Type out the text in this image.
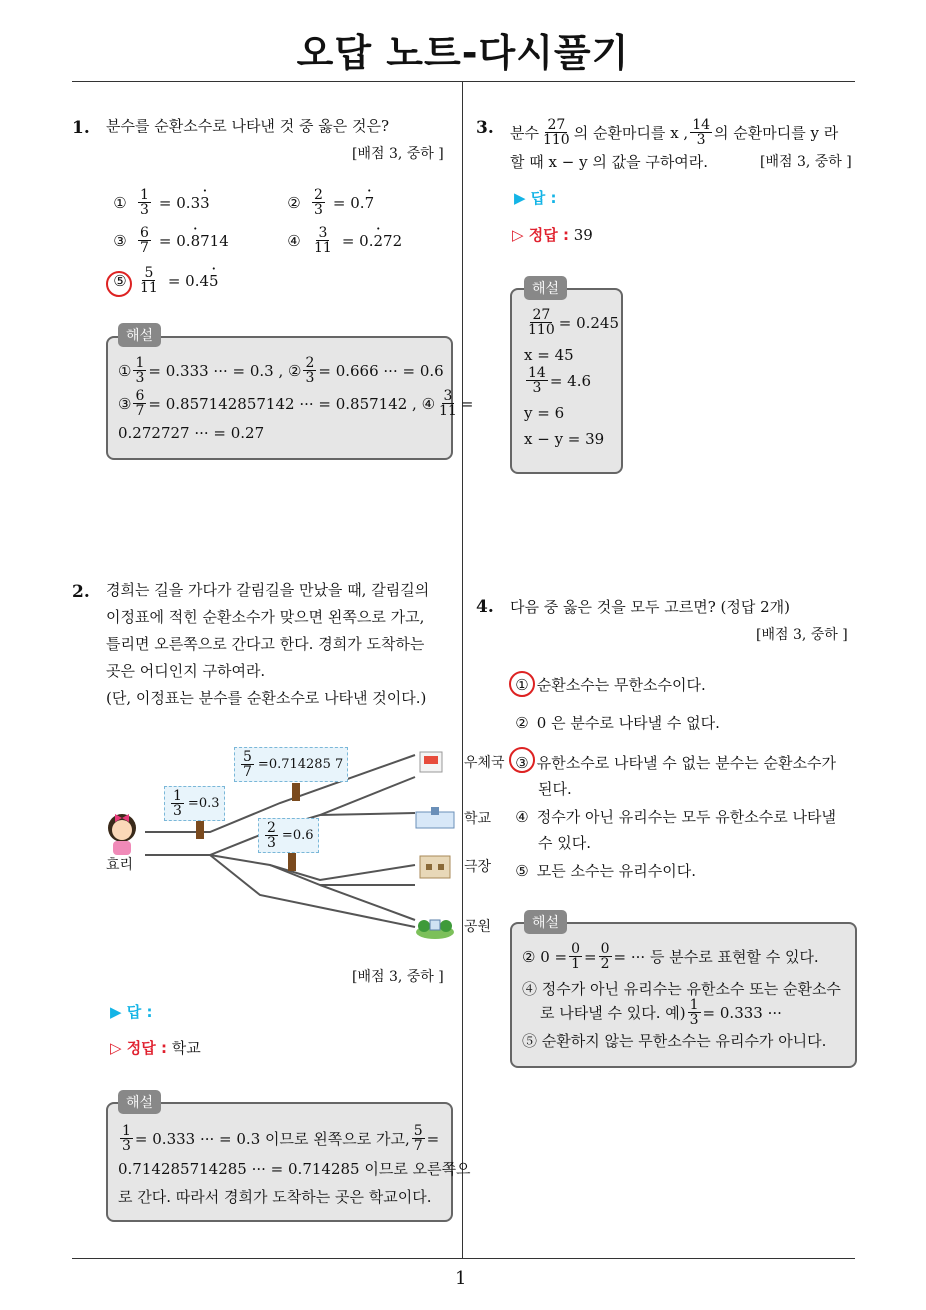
오답 노트-다시풀기
1
1. 분수를 순환소수로 나타낸 것 중 옳은 것은?
[배점 3, 중하 ]
① $\frac{1}{3} = 0.33$ ·	② $\frac{2}{3} = 0.7$ ·
③ $\frac{6}{7} = 0.8 \cdot 714$	④ $\frac{3}{11} = 0.2 \cdot 72$
⑤ $\frac{5}{11} = 0.45$ ·
해설
① $\frac{1}{3} = 0.333$ ··· = 0.3 , ② $\frac{2}{3} = 0.666$ ··· = 0.6
③ $\frac{6}{7} = 0.857142857142$ ··· = 0.857142 , ④ $\frac{3}{11}$ =
0.272727 ··· = 0.27
3. 분수 $\frac{27}{110}$ 의 순환마디를 x , $\frac{14}{3}$ 의 순환마디를 y 라
할 때 x − y 의 값을 구하여라.	[배점 3, 중하 ]
▶ 답 :
▷ 정답 : 39
해설
$\frac{27}{110} = 0.245$
x = 45
$\frac{14}{3} = 4.6$
y = 6
x − y = 39
2. 경희는 길을 가다가 갈림길을 만났을 때, 갈림길의
이정표에 적힌 순환소수가 맞으면 왼쪽으로 가고,
틀리면 오른쪽으로 간다고 한다. 경희가 도착하는
곳은 어디인지 구하여라.
(단, 이정표는 분수를 순환소수로 나타낸 것이다.)
$\frac{5}{7} =0.714285$ 7
$\frac{1}{3} =0.3$
$\frac{2}{3} =0.6$
효리
우체국
학교
극장
공원
[배점 3, 중하 ]
▶ 답 :
▷ 정답 : 학교
해설
$\frac{1}{3} = 0.333$ ··· = 0.3 이므로 왼쪽으로 가고, $\frac{5}{7}$ =
0.714285714285 ··· = 0.714285 이므로 오른쪽으
로 간다. 따라서 경희가 도착하는 곳은 학교이다.
4. 다음 중 옳은 것을 모두 고르면? (정답 2개)
[배점 3, 중하 ]
① 순환소수는 무한소수이다.
② 0 은 분수로 나타낼 수 없다.
③ 유한소수로 나타낼 수 없는 분수는 순환소수가
된다.
④ 정수가 아닌 유리수는 모두 유한소수로 나타낼
수 있다.
⑤ 모든 소수는 유리수이다.
해설
② $0 = \frac{0}{1} = \frac{0}{2}$ = ··· 등 분수로 표현할 수 있다.
④ 정수가 아닌 유리수는 유한소수 또는 순환소수
로 나타낼 수 있다. 예) $\frac{1}{3} = 0.333$ ···
⑤ 순환하지 않는 무한소수는 유리수가 아니다.
